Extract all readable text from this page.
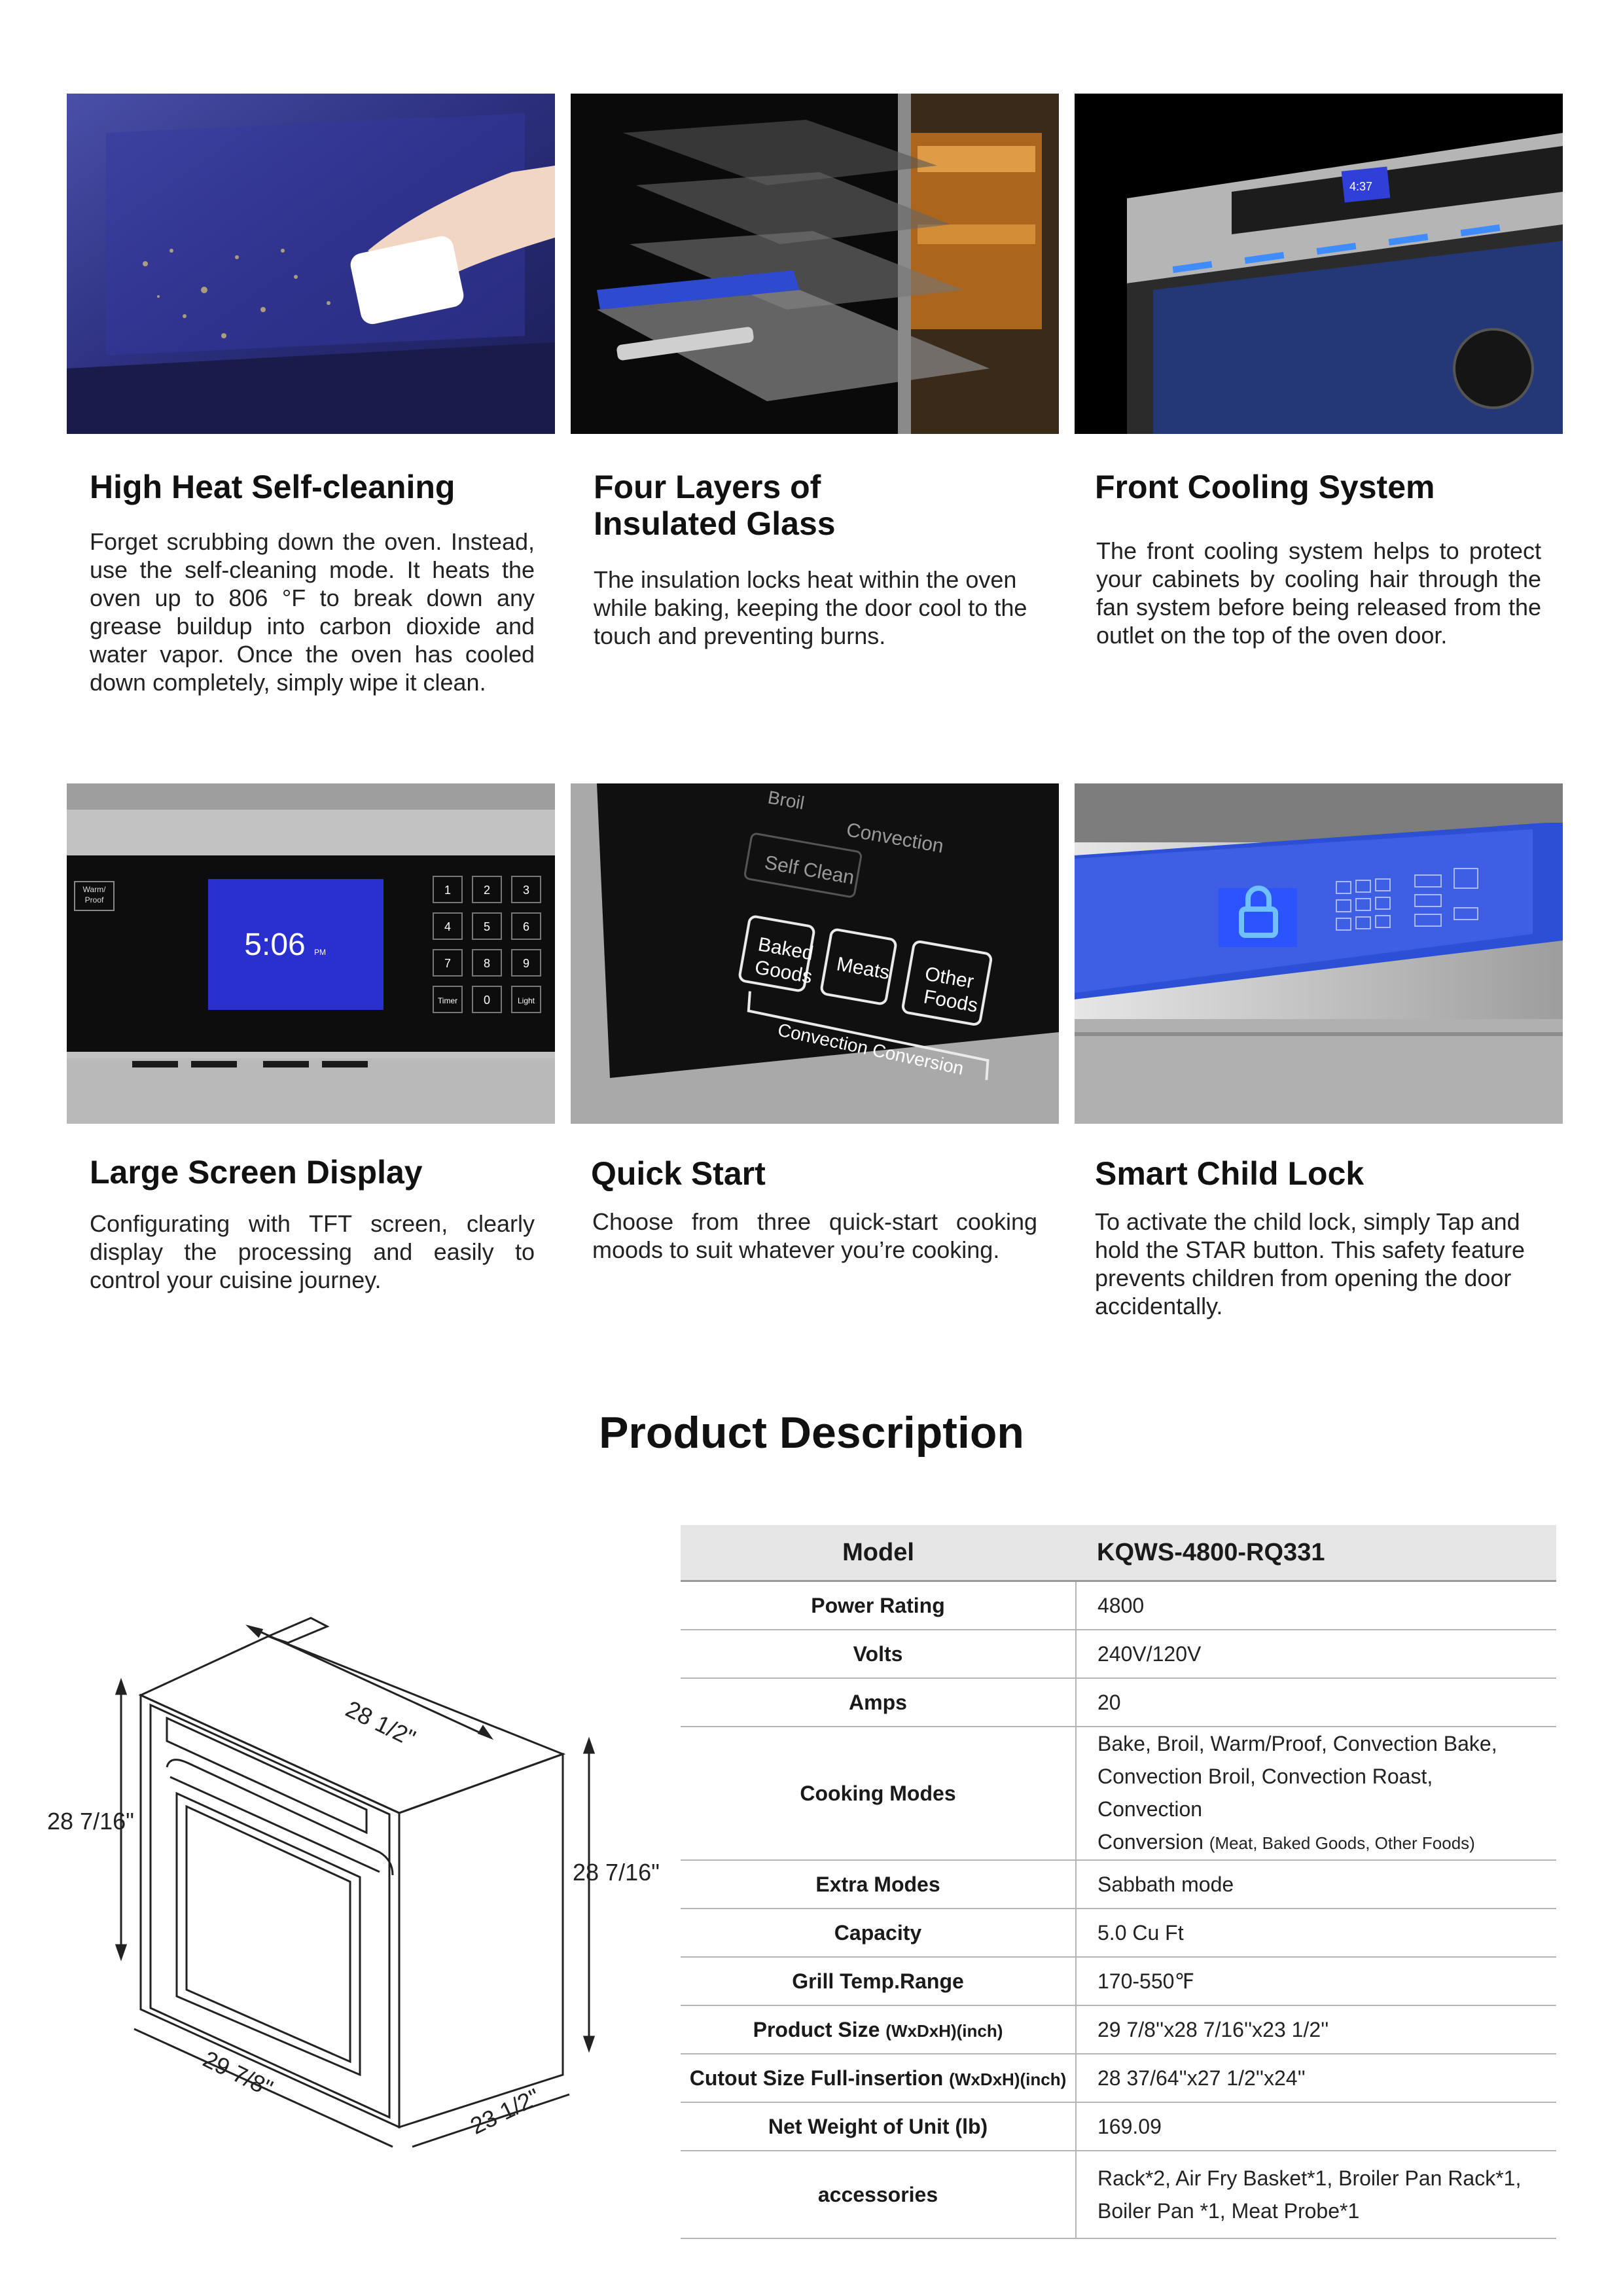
4:37
High Heat Self-cleaning
Forget scrubbing down the oven. Instead, use the self-cleaning mode. It heats the oven up to 806 °F to break down any grease buildup into carbon dioxide and water vapor. Once the oven has cooled down completely, simply wipe it clean.
Four Layers of
Insulated Glass
The insulation locks heat within the oven while baking, keeping the door cool to the touch and preventing burns.
Front Cooling System
The front cooling system helps to protect your cabinets by cooling hair through the fan system before being released from the outlet on the top of the oven door.
Warm/
Proof
5:06 PM
1	2	3
4	5	6
7	8	9
Timer 0	Light
Convection
Broil
Self Clean
Baked
Goods Meats Other
Foods
Convection Conversion
Large Screen Display
Configurating with TFT screen, clearly display the processing and easily to control your cuisine journey.
Quick Start
Choose from three quick-start cooking moods to suit whatever you’re cooking.
Smart Child Lock
To activate the child lock, simply Tap and hold the STAR button. This safety feature prevents children from opening the door accidentally.
Product Description
28 1/2"
28 7/16"
28 7/16"
29 7/8"
23 1/2"
Model	KQWS-4800-RQ331
Power Rating	4800
Volts	240V/120V
Amps	20
Cooking Modes	Bake, Broil, Warm/Proof, Convection Bake,
Convection Broil, Convection Roast, Convection
Conversion (Meat, Baked Goods, Other Foods)

Extra Modes	Sabbath mode
Capacity	5.0 Cu Ft
Grill Temp.Range	170-550℉
Product Size (WxDxH)(inch)	29 7/8''x28 7/16''x23 1/2''
Cutout Size Full-insertion (WxDxH)(inch)	28 37/64''x27 1/2''x24''
Net Weight of Unit (lb)	169.09
accessories	Rack*2, Air Fry Basket*1, Broiler Pan Rack*1,
Boiler Pan *1, Meat Probe*1
